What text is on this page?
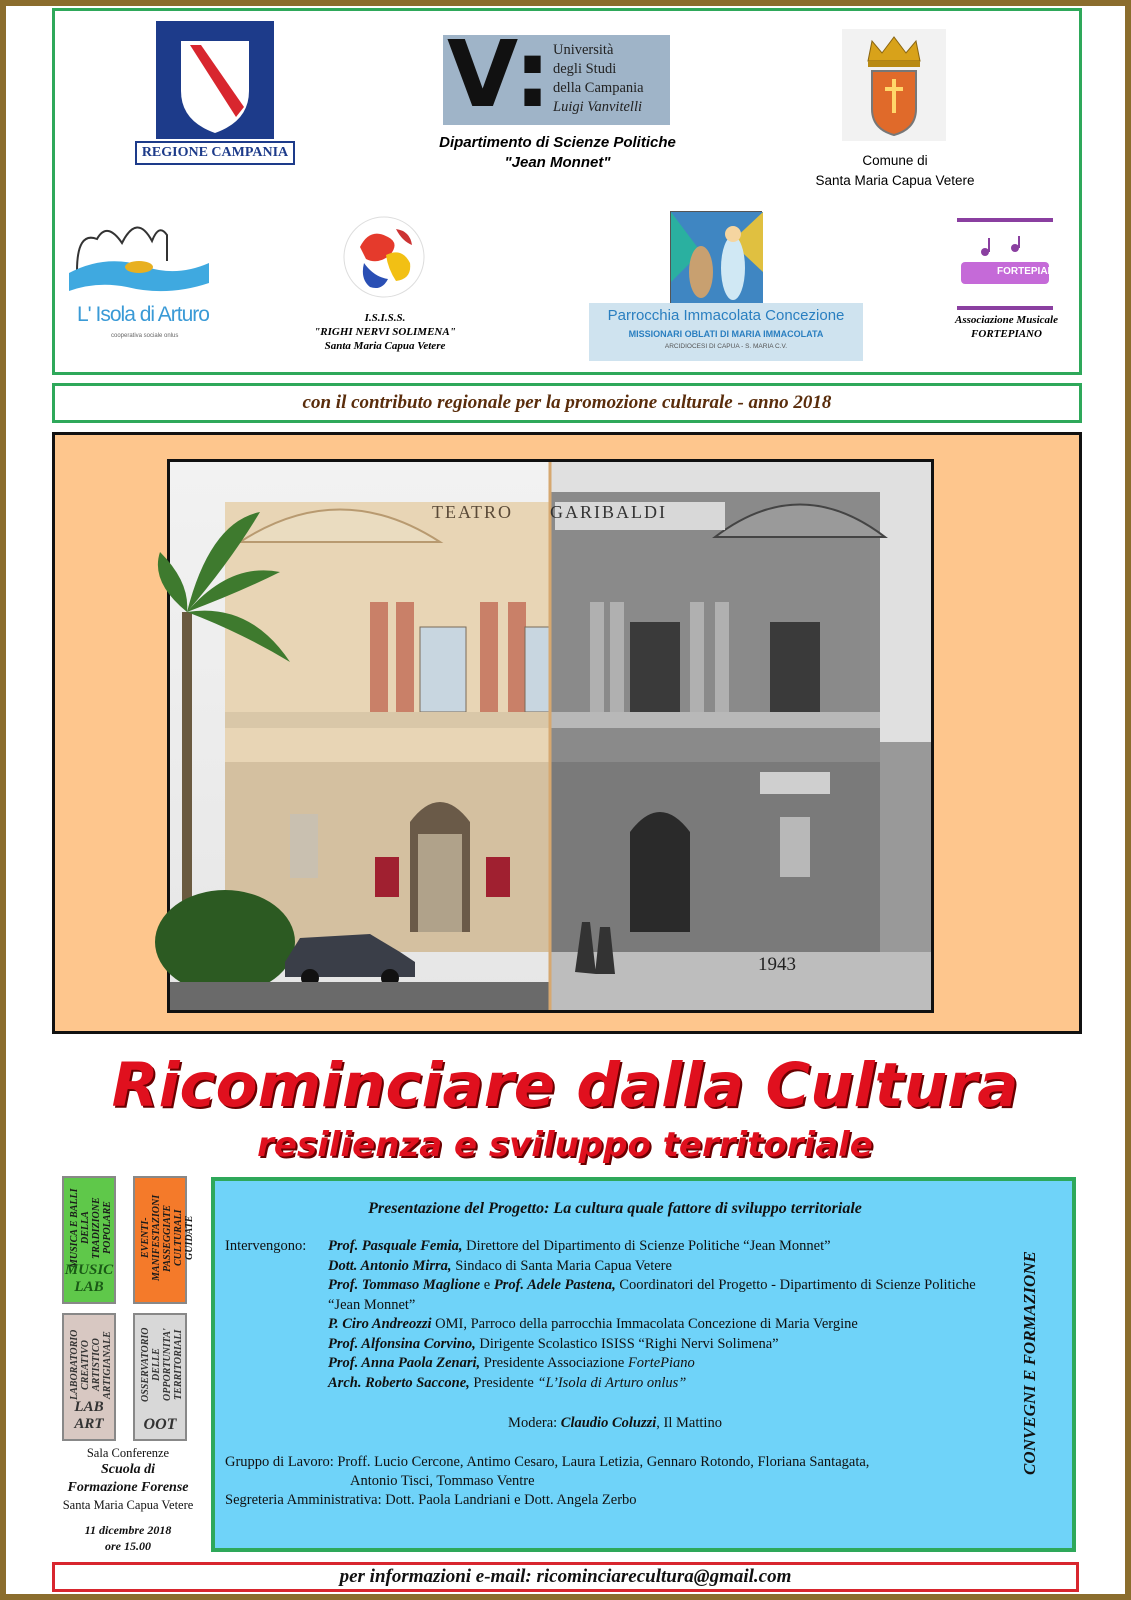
REGIONE CAMPANIA
V: Università
degli Studi
della Campania
Luigi Vanvitelli
Dipartimento di Scienze Politiche
"Jean Monnet"	Comune di
Santa Maria Capua Vetere
L' Isola di Arturo
cooperativa sociale onlus
I.S.I.S.S.
"RIGHI NERVI SOLIMENA"
Santa Maria Capua Vetere
Parrocchia Immacolata Concezione
MISSIONARI OBLATI DI MARIA IMMACOLATA
ARCIDIOCESI DI CAPUA - S. MARIA C.V.
FORTEPIANO
Associazione Musicale
FORTEPIANO
con il contributo regionale per la promozione culturale - anno 2018
TEATRO GARIBALDI
1943
Ricominciare dalla Cultura
resilienza e sviluppo territoriale
MUSICA E BALLI DELLA TRADIZIONE POPOLARE
MUSIC
LAB
EVENTI-MANIFESTAZIONI PASSEGGIATE CULTURALI GUIDATE
LABORATORIO CREATIVO ARTISTICO ARTIGIANALE
LAB
ART
OSSERVATORIO DELLE OPPORTUNITA' TERRITORIALI
OOT
Sala Conferenze
Scuola di
Formazione Forense
Santa Maria Capua Vetere
11 dicembre 2018
ore 15.00

Presentazione del Progetto: La cultura quale fattore di sviluppo territoriale

Intervengono: Prof. Pasquale Femia, Direttore del Dipartimento di Scienze Politiche “Jean Monnet”

Dott. Antonio Mirra, Sindaco di Santa Maria Capua Vetere

Prof. Tommaso Maglione e Prof. Adele Pastena, Coordinatori del Progetto - Dipartimento di Scienze Politiche “Jean Monnet”

P. Ciro Andreozzi OMI, Parroco della parrocchia Immacolata Concezione di Maria Vergine

Prof. Alfonsina Corvino, Dirigente Scolastico ISISS “Righi Nervi Solimena”

Prof. Anna Paola Zenari, Presidente Associazione FortePiano

Arch. Roberto Saccone, Presidente “L’Isola di Arturo onlus”

Modera: Claudio Coluzzi, Il Mattino

Gruppo di Lavoro: Proff. Lucio Cercone, Antimo Cesaro, Laura Letizia, Gennaro Rotondo, Floriana Santagata,

Antonio Tisci, Tommaso Ventre

Segreteria Amministrativa: Dott. Paola Landriani e Dott. Angela Zerbo

CONVEGNI E FORMAZIONE
per informazioni e-mail: ricominciarecultura@gmail.com
